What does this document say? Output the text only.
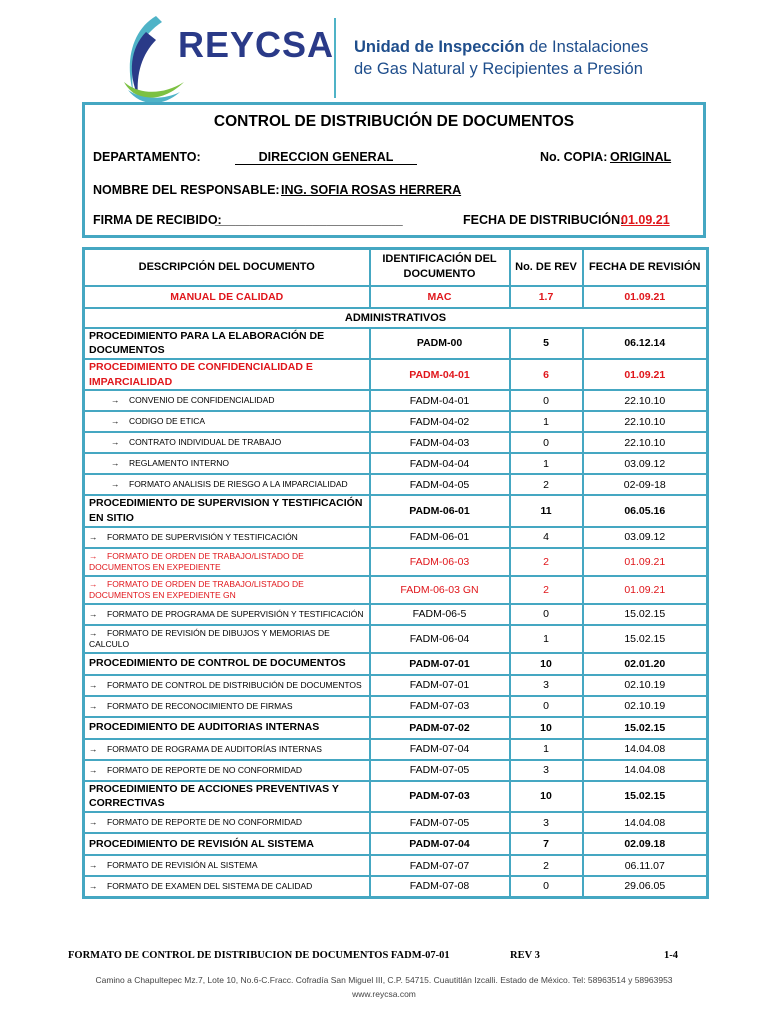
REYCSA Unidad de Inspección de Instalaciones
de Gas Natural y Recipientes a Presión
CONTROL DE DISTRIBUCIÓN DE DOCUMENTOS
DEPARTAMENTO:	DIRECCION GENERAL	No. COPIA: ORIGINAL
NOMBRE DEL RESPONSABLE: ING. SOFIA ROSAS HERRERA
FIRMA DE RECIBIDO:
___________________________	FECHA DE DISTRIBUCIÓN:
01.09.21
DESCRIPCIÓN DEL DOCUMENTO	IDENTIFICACIÓN DEL DOCUMENTO	No. DE REV	FECHA DE REVISIÓN
MANUAL DE CALIDAD	MAC	1.7	01.09.21
ADMINISTRATIVOS			
PROCEDIMIENTO PARA LA ELABORACIÓN DE DOCUMENTOS	PADM-00	5	06.12.14
PROCEDIMIENTO DE CONFIDENCIALIDAD E IMPARCIALIDAD	PADM-04-01	6	01.09.21
→ CONVENIO DE CONFIDENCIALIDAD	FADM-04-01	0	22.10.10
→ CODIGO DE ETICA	FADM-04-02	1	22.10.10
→ CONTRATO INDIVIDUAL DE TRABAJO	FADM-04-03	0	22.10.10
→ REGLAMENTO INTERNO	FADM-04-04	1	03.09.12
→ FORMATO ANALISIS DE RIESGO A LA IMPARCIALIDAD	FADM-04-05	2	02-09-18
PROCEDIMIENTO DE SUPERVISION Y TESTIFICACIÓN EN SITIO	PADM-06-01	11	06.05.16
→ FORMATO DE SUPERVISIÓN Y TESTIFICACIÓN	FADM-06-01	4	03.09.12
→ FORMATO DE ORDEN DE TRABAJO/LISTADO DE DOCUMENTOS EN EXPEDIENTE	FADM-06-03	2	01.09.21
→ FORMATO DE ORDEN DE TRABAJO/LISTADO DE DOCUMENTOS EN EXPEDIENTE GN	FADM-06-03 GN	2	01.09.21
→ FORMATO DE PROGRAMA DE SUPERVISIÓN Y TESTIFICACIÓN	FADM-06-5	0	15.02.15
→ FORMATO DE REVISIÓN DE DIBUJOS Y MEMORIAS DE CALCULO	FADM-06-04	1	15.02.15
PROCEDIMIENTO DE CONTROL DE DOCUMENTOS	PADM-07-01	10	02.01.20
→ FORMATO DE CONTROL DE DISTRIBUCIÓN DE DOCUMENTOS	FADM-07-01	3	02.10.19
→ FORMATO DE RECONOCIMIENTO DE FIRMAS	FADM-07-03	0	02.10.19
PROCEDIMIENTO DE AUDITORIAS INTERNAS	PADM-07-02	10	15.02.15
→ FORMATO DE ROGRAMA DE AUDITORÍAS INTERNAS	FADM-07-04	1	14.04.08
→ FORMATO DE REPORTE DE NO CONFORMIDAD	FADM-07-05	3	14.04.08
PROCEDIMIENTO DE ACCIONES PREVENTIVAS Y CORRECTIVAS	PADM-07-03	10	15.02.15
→ FORMATO DE REPORTE DE NO CONFORMIDAD	FADM-07-05	3	14.04.08
PROCEDIMIENTO DE REVISIÓN AL SISTEMA	PADM-07-04	7	02.09.18
→ FORMATO DE REVISIÓN AL SISTEMA	FADM-07-07	2	06.11.07
→ FORMATO DE EXAMEN DEL SISTEMA DE CALIDAD	FADM-07-08	0	29.06.05
FORMATO DE CONTROL DE DISTRIBUCION DE DOCUMENTOS FADM-07-01	REV 3	1-4
Camino a Chapultepec Mz.7, Lote 10, No.6-C.Fracc. Cofradía San Miguel III, C.P. 54715. Cuautitlán Izcalli. Estado de México. Tel: 58963514 y 58963953
www.reycsa.com
